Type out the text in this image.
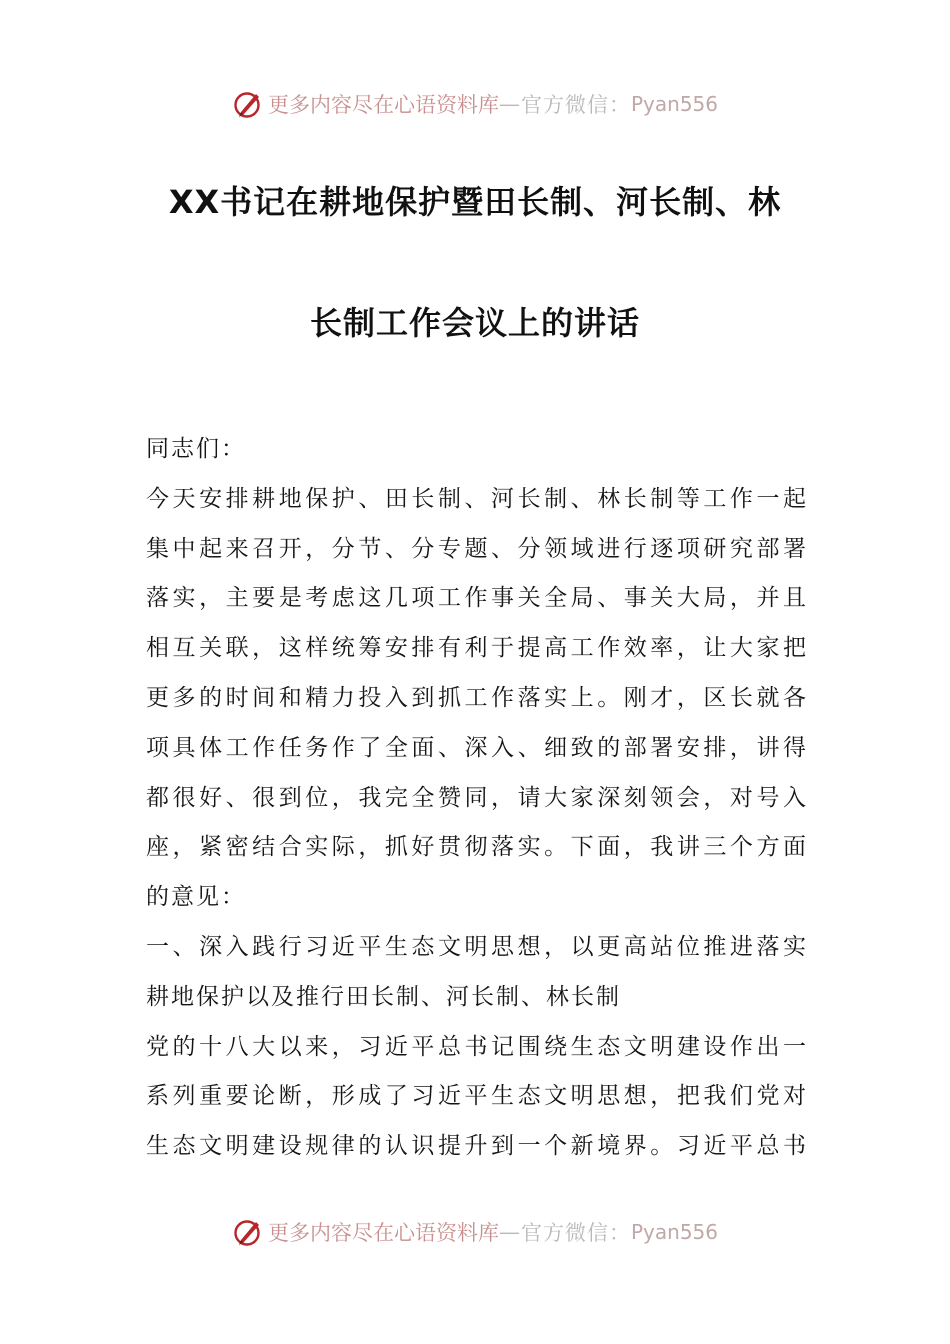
更多内容尽在心语资料库 — 官方微信： Pyan556
XX书记在耕地保护暨田长制、河长制、林
长制工作会议上的讲话
同志们：
今天安排耕地保护、田长制、河长制、林长制等工作一起
集中起来召开，分节、分专题、分领域进行逐项研究部署
落实，主要是考虑这几项工作事关全局、事关大局，并且
相互关联，这样统筹安排有利于提高工作效率，让大家把
更多的时间和精力投入到抓工作落实上。刚才，区长就各
项具体工作任务作了全面、深入、细致的部署安排，讲得
都很好、很到位，我完全赞同，请大家深刻领会，对号入
座，紧密结合实际，抓好贯彻落实。下面，我讲三个方面
的意见：
一、深入践行习近平生态文明思想，以更高站位推进落实
耕地保护以及推行田长制、河长制、林长制
党的十八大以来，习近平总书记围绕生态文明建设作出一
系列重要论断，形成了习近平生态文明思想，把我们党对
生态文明建设规律的认识提升到一个新境界。习近平总书
更多内容尽在心语资料库 — 官方微信： Pyan556
